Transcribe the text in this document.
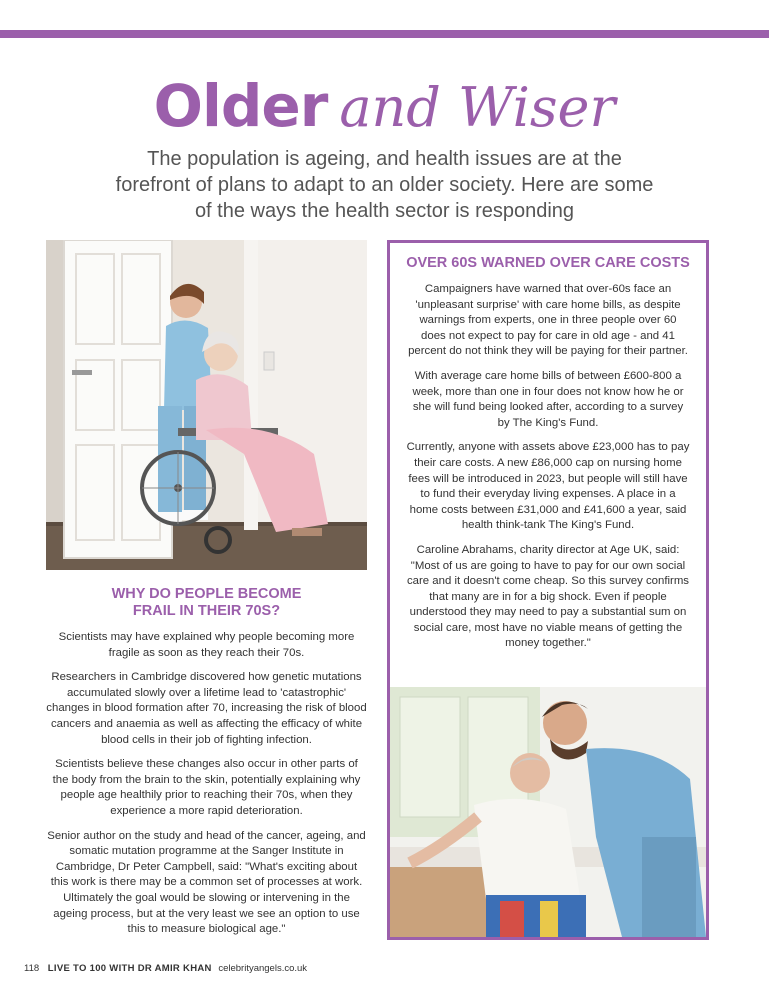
Older and Wiser
The population is ageing, and health issues are at the forefront of plans to adapt to an older society. Here are some of the ways the health sector is responding
WHY DO PEOPLE BECOME
FRAIL IN THEIR 70S?

Scientists may have explained why people becoming more fragile as soon as they reach their 70s.

Researchers in Cambridge discovered how genetic mutations accumulated slowly over a lifetime lead to 'catastrophic' changes in blood formation after 70, increasing the risk of blood cancers and anaemia as well as affecting the efficacy of white blood cells in their job of fighting infection.

Scientists believe these changes also occur in other parts of the body from the brain to the skin, potentially explaining why people age healthily prior to reaching their 70s, when they experience a more rapid deterioration.

Senior author on the study and head of the cancer, ageing, and somatic mutation programme at the Sanger Institute in Cambridge, Dr Peter Campbell, said: "What's exciting about this work is there may be a common set of processes at work. Ultimately the goal would be slowing or intervening in the ageing process, but at the very least we see an option to use this to measure biological age."

OVER 60S WARNED OVER CARE COSTS

Campaigners have warned that over-60s face an 'unpleasant surprise' with care home bills, as despite warnings from experts, one in three people over 60 does not expect to pay for care in old age - and 41 percent do not think they will be paying for their partner.

With average care home bills of between £600-800 a week, more than one in four does not know how he or she will fund being looked after, according to a survey by The King's Fund.

Currently, anyone with assets above £23,000 has to pay their care costs. A new £86,000 cap on nursing home fees will be introduced in 2023, but people will still have to fund their everyday living expenses. A place in a home costs between £31,000 and £41,600 a year, said health think-tank The King's Fund.

Caroline Abrahams, charity director at Age UK, said: "Most of us are going to have to pay for our own social care and it doesn't come cheap. So this survey confirms that many are in for a big shock. Even if people understood they may need to pay a substantial sum on social care, most have no viable means of getting the money together."

118 LIVE TO 100 WITH DR AMIR KHAN celebrityangels.co.uk
